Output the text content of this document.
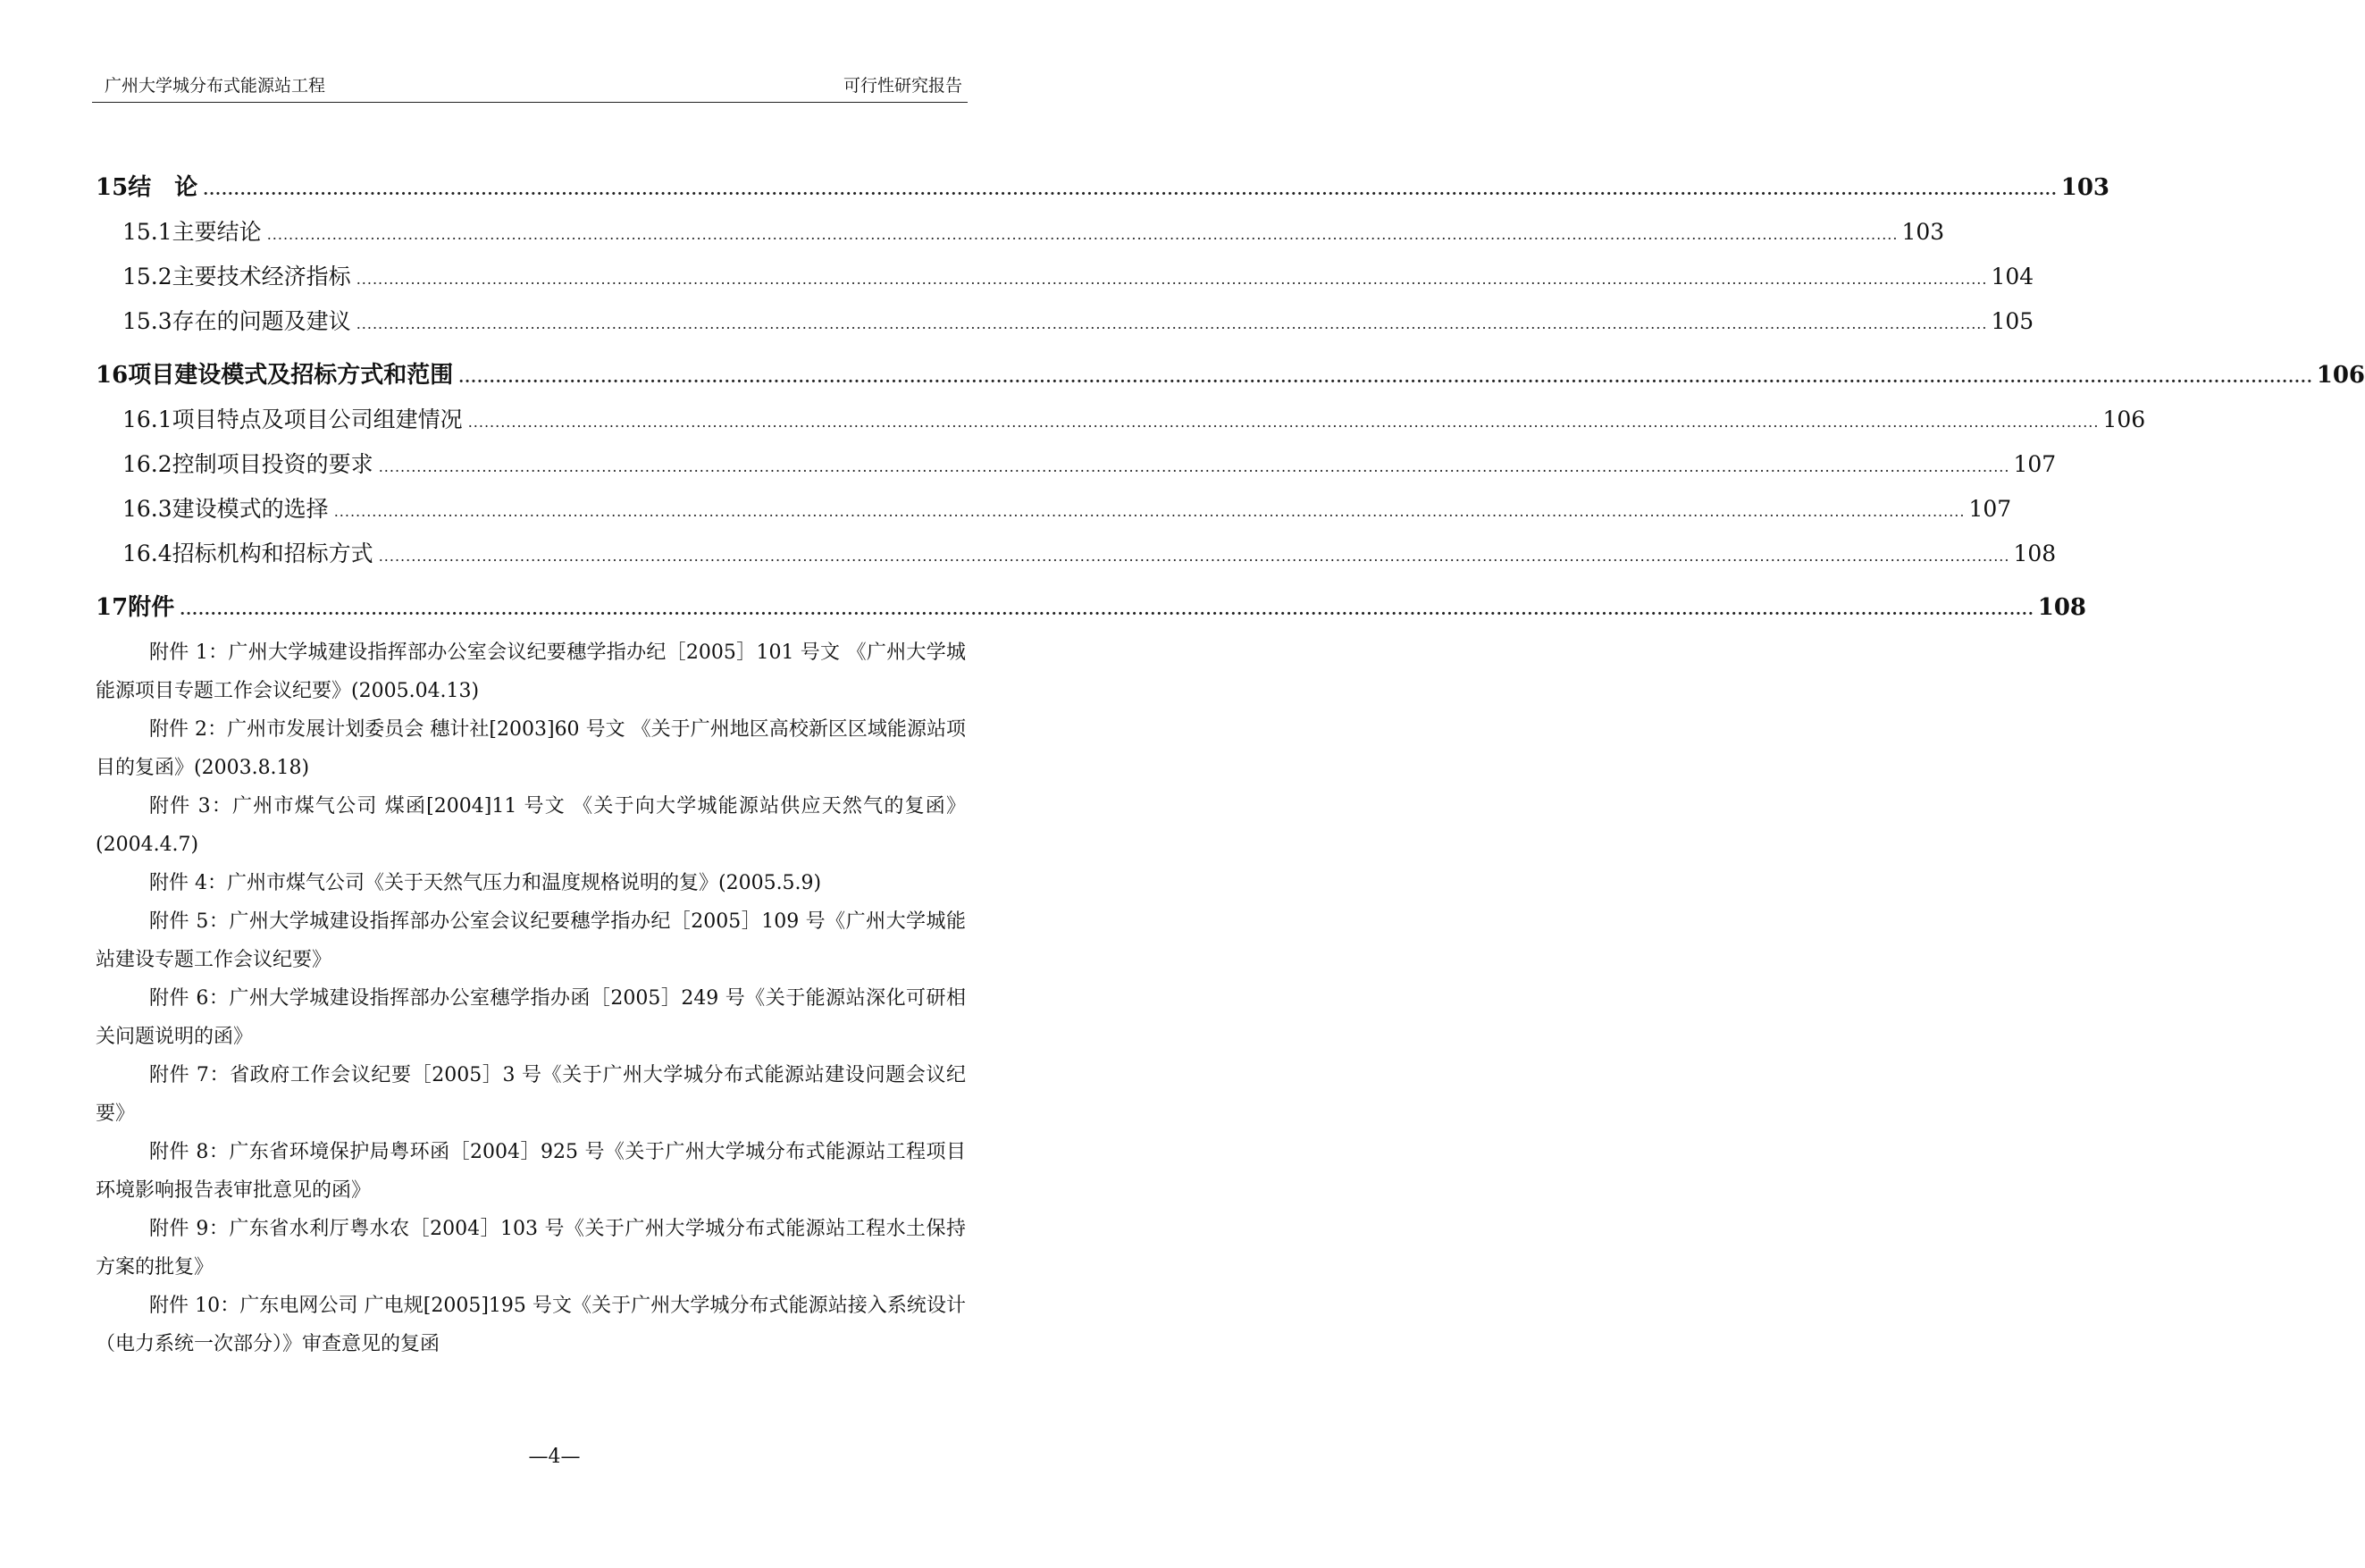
广州大学城分布式能源站工程	可行性研究报告
15 结　论 ............................................................................................................................................................................................................................................................................................................ 103
15.1 主要结论 ............................................................................................................................................................................................................................................................................................................ 103
15.2 主要技术经济指标 ............................................................................................................................................................................................................................................................................................................ 104
15.3 存在的问题及建议 ............................................................................................................................................................................................................................................................................................................ 105
16 项目建设模式及招标方式和范围 ............................................................................................................................................................................................................................................................................................................ 106
16.1 项目特点及项目公司组建情况 ............................................................................................................................................................................................................................................................................................................ 106
16.2 控制项目投资的要求 ............................................................................................................................................................................................................................................................................................................ 107
16.3 建设模式的选择 ............................................................................................................................................................................................................................................................................................................ 107
16.4 招标机构和招标方式 ............................................................................................................................................................................................................................................................................................................ 108
17 附件 ............................................................................................................................................................................................................................................................................................................ 108

附件 1：广州大学城建设指挥部办公室会议纪要穗学指办纪［2005］101 号文 《广州大学城能源项目专题工作会议纪要》(2005.04.13)

附件 2：广州市发展计划委员会 穗计社[2003]60 号文 《关于广州地区高校新区区域能源站项目的复函》(2003.8.18)

附件 3：广州市煤气公司 煤函[2004]11 号文 《关于向大学城能源站供应天然气的复函》(2004.4.7)

附件 4：广州市煤气公司《关于天然气压力和温度规格说明的复》(2005.5.9)

附件 5：广州大学城建设指挥部办公室会议纪要穗学指办纪［2005］109 号《广州大学城能站建设专题工作会议纪要》

附件 6：广州大学城建设指挥部办公室穗学指办函［2005］249 号《关于能源站深化可研相关问题说明的函》

附件 7：省政府工作会议纪要［2005］3 号《关于广州大学城分布式能源站建设问题会议纪要》

附件 8：广东省环境保护局粤环函［2004］925 号《关于广州大学城分布式能源站工程项目环境影响报告表审批意见的函》

附件 9：广东省水利厅粤水农［2004］103 号《关于广州大学城分布式能源站工程水土保持方案的批复》

附件 10：广东电网公司 广电规[2005]195 号文《关于广州大学城分布式能源站接入系统设计（电力系统一次部分）》审查意见的复函

—4—
